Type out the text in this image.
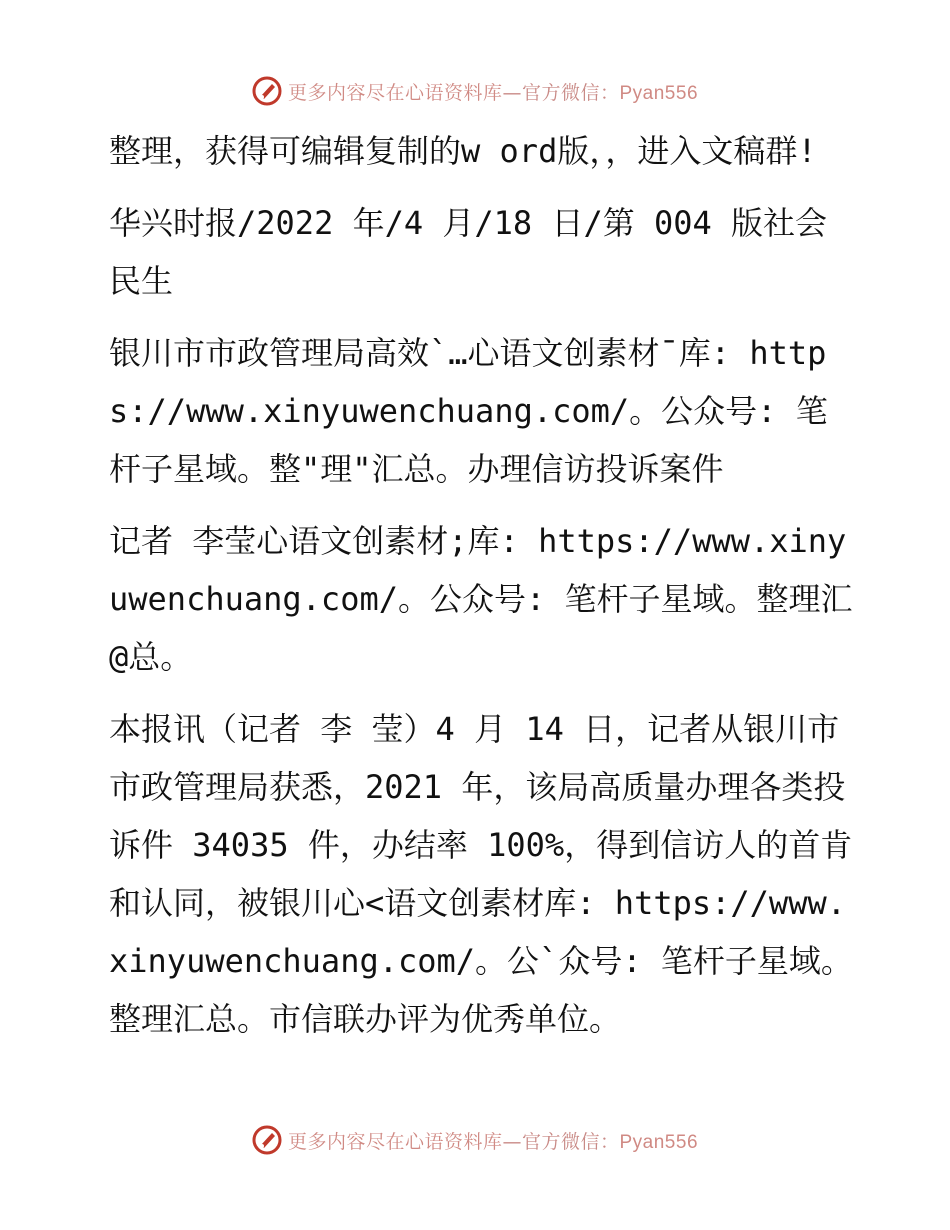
更多内容尽在心语资料库—官方微信：Pyan556

整理，获得可编辑复制的w ord版，，进入文稿群!

华兴时报/2022 年/4 月/18 日/第 004 版社会民生

银川市市政管理局高效`…心语文创素材¯库: https://www.xinyuwenchuang.com/。公众号: 笔杆子星域。整"理"汇总。办理信访投诉案件

记者 李莹心语文创素材;库: https://www.xinyuwenchuang.com/。公众号: 笔杆子星域。整理汇@总。

本报讯（记者 李 莹）4 月 14 日，记者从银川市市政管理局获悉，2021 年，该局高质量办理各类投诉件 34035 件，办结率 100%，得到信访人的首肯和认同，被银川心<语文创素材库: https://www.xinyuwenchuang.com/。公`众号: 笔杆子星域。整理汇总。市信联办评为优秀单位。

更多内容尽在心语资料库—官方微信：Pyan556
